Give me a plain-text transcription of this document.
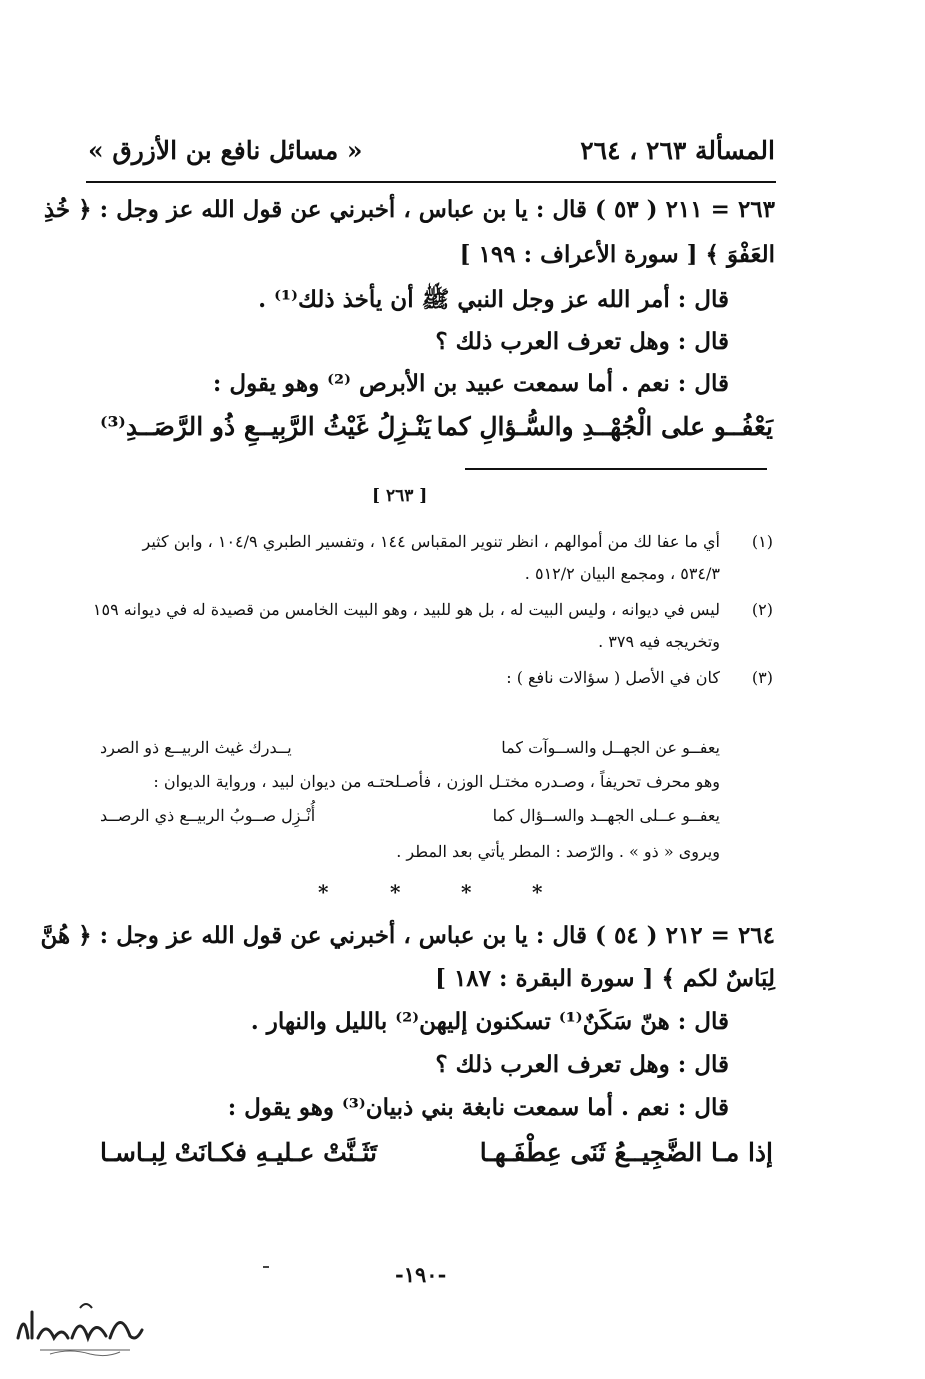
المسألة ٢٦٣ ، ٢٦٤
« مسائل نافع بن الأزرق »
٢٦٣ = ٢١١ ( ٥٣ ) قال : يا بن عباس ، أخبرني عن قول الله عز وجل : ﴿ خُذِ
العَفْوَ ﴾ [ سورة الأعراف : ١٩٩ ]
قال : أمر الله عز وجل النبي ﷺ أن يأخذ ذلك⁽¹⁾ .
قال : وهل تعرف العرب ذلك ؟
قال : نعم . أما سمعت عبيد بن الأبرص ⁽²⁾ وهو يقول :
يَعْفُــو على الْجُهْــدِ والسُّـؤالِ كما
يَنْـزِلُ غَيْثُ الرَّبِيــعِ ذُو الرَّصَــدِ⁽³⁾
[ ٢٦٣ ]
(١)
أي ما عفا لك من أموالهم ، انظر تنوير المقباس ١٤٤ ، وتفسير الطبري ١٠٤/٩ ، وابن كثير
٥٣٤/٣ ، ومجمع البيان ٥١٢/٢ .
(٢)
ليس في ديوانه ، وليس البيت له ، بل هو للبيد ، وهو البيت الخامس من قصيدة له في ديوانه ١٥٩
وتخريجه فيه ٣٧٩ .
(٣)
كان في الأصل ( سؤالات نافع ) :
يعفــو عن الجهــل والســوآت كما
يــدرك غيث الربيــع ذو الصرد
وهو محرف تحريفاً ، وصـدره مختـل الوزن ، فأصـلحتـه من ديوان لبيد ، ورواية الديوان :
يعفــو عــلى الجهــد والســؤال كما
أُنْـزِل صــوبُ الربيــع ذي الرصــد
ويروى « ذو » . والرّصد : المطر يأتي بعد المطر .
*	*	*	*
٢٦٤ = ٢١٢ ( ٥٤ ) قال : يا بن عباس ، أخبرني عن قول الله عز وجل : ﴿ هُنَّ
لِبَاسٌ لكم ﴾ [ سورة البقرة : ١٨٧ ]
قال : هنّ سَكَنٌ⁽¹⁾ تسكنون إليهن⁽²⁾ بالليل والنهار .
قال : وهل تعرف العرب ذلك ؟
قال : نعم . أما سمعت نابغة بني ذبيان⁽³⁾ وهو يقول :
إذا مـا الضَّجِيــعُ ثَنَى عِطْفَـهـا
تَثَـنَّتْ عـليـهِ فكـانَتْ لِبـاسـا
-١٩٠-
